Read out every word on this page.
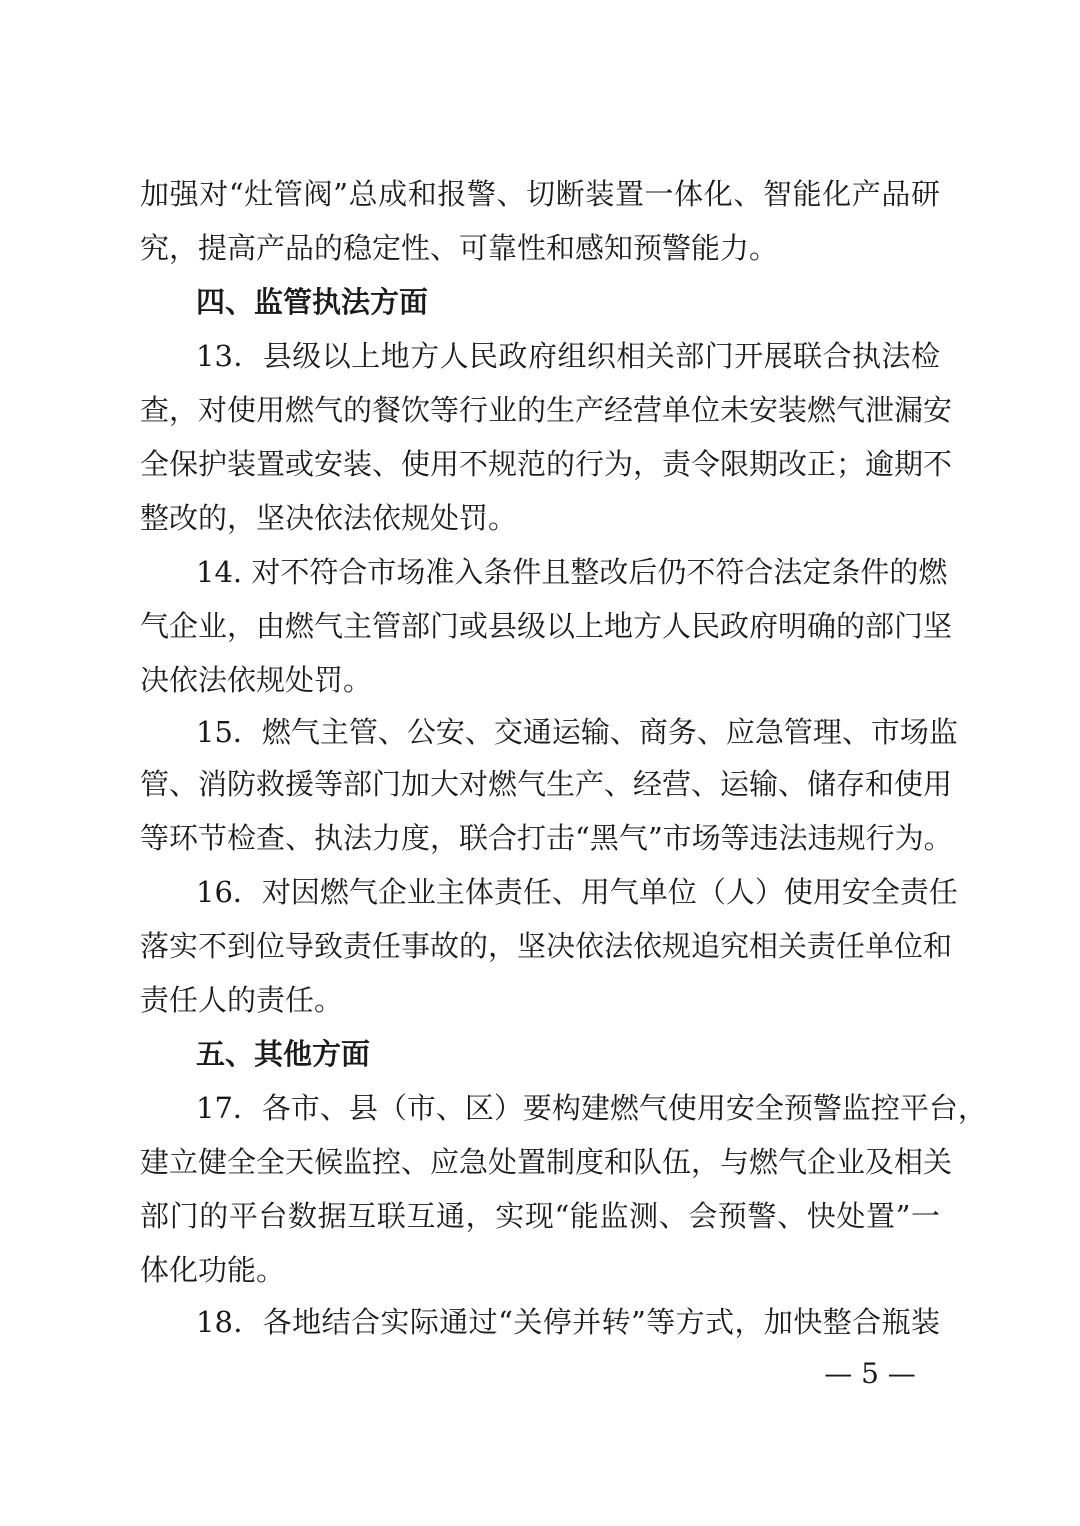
加强对“灶管阀”总成和报警、切断装置一体化、智能化产品研
究，提高产品的稳定性、可靠性和感知预警能力。
四、监管执法方面
13．县级以上地方人民政府组织相关部门开展联合执法检
查，对使用燃气的餐饮等行业的生产经营单位未安装燃气泄漏安
全保护装置或安装、使用不规范的行为，责令限期改正；逾期不
整改的，坚决依法依规处罚。
14. 对不符合市场准入条件且整改后仍不符合法定条件的燃
气企业，由燃气主管部门或县级以上地方人民政府明确的部门坚
决依法依规处罚。
15．燃气主管、公安、交通运输、商务、应急管理、市场监
管、消防救援等部门加大对燃气生产、经营、运输、储存和使用
等环节检查、执法力度，联合打击“黑气”市场等违法违规行为。
16．对因燃气企业主体责任、用气单位（人）使用安全责任
落实不到位导致责任事故的，坚决依法依规追究相关责任单位和
责任人的责任。
五、其他方面
17．各市、县（市、区）要构建燃气使用安全预警监控平台，
建立健全全天候监控、应急处置制度和队伍，与燃气企业及相关
部门的平台数据互联互通，实现“能监测、会预警、快处置”一
体化功能。
18．各地结合实际通过“关停并转”等方式，加快整合瓶装
— 5 —
